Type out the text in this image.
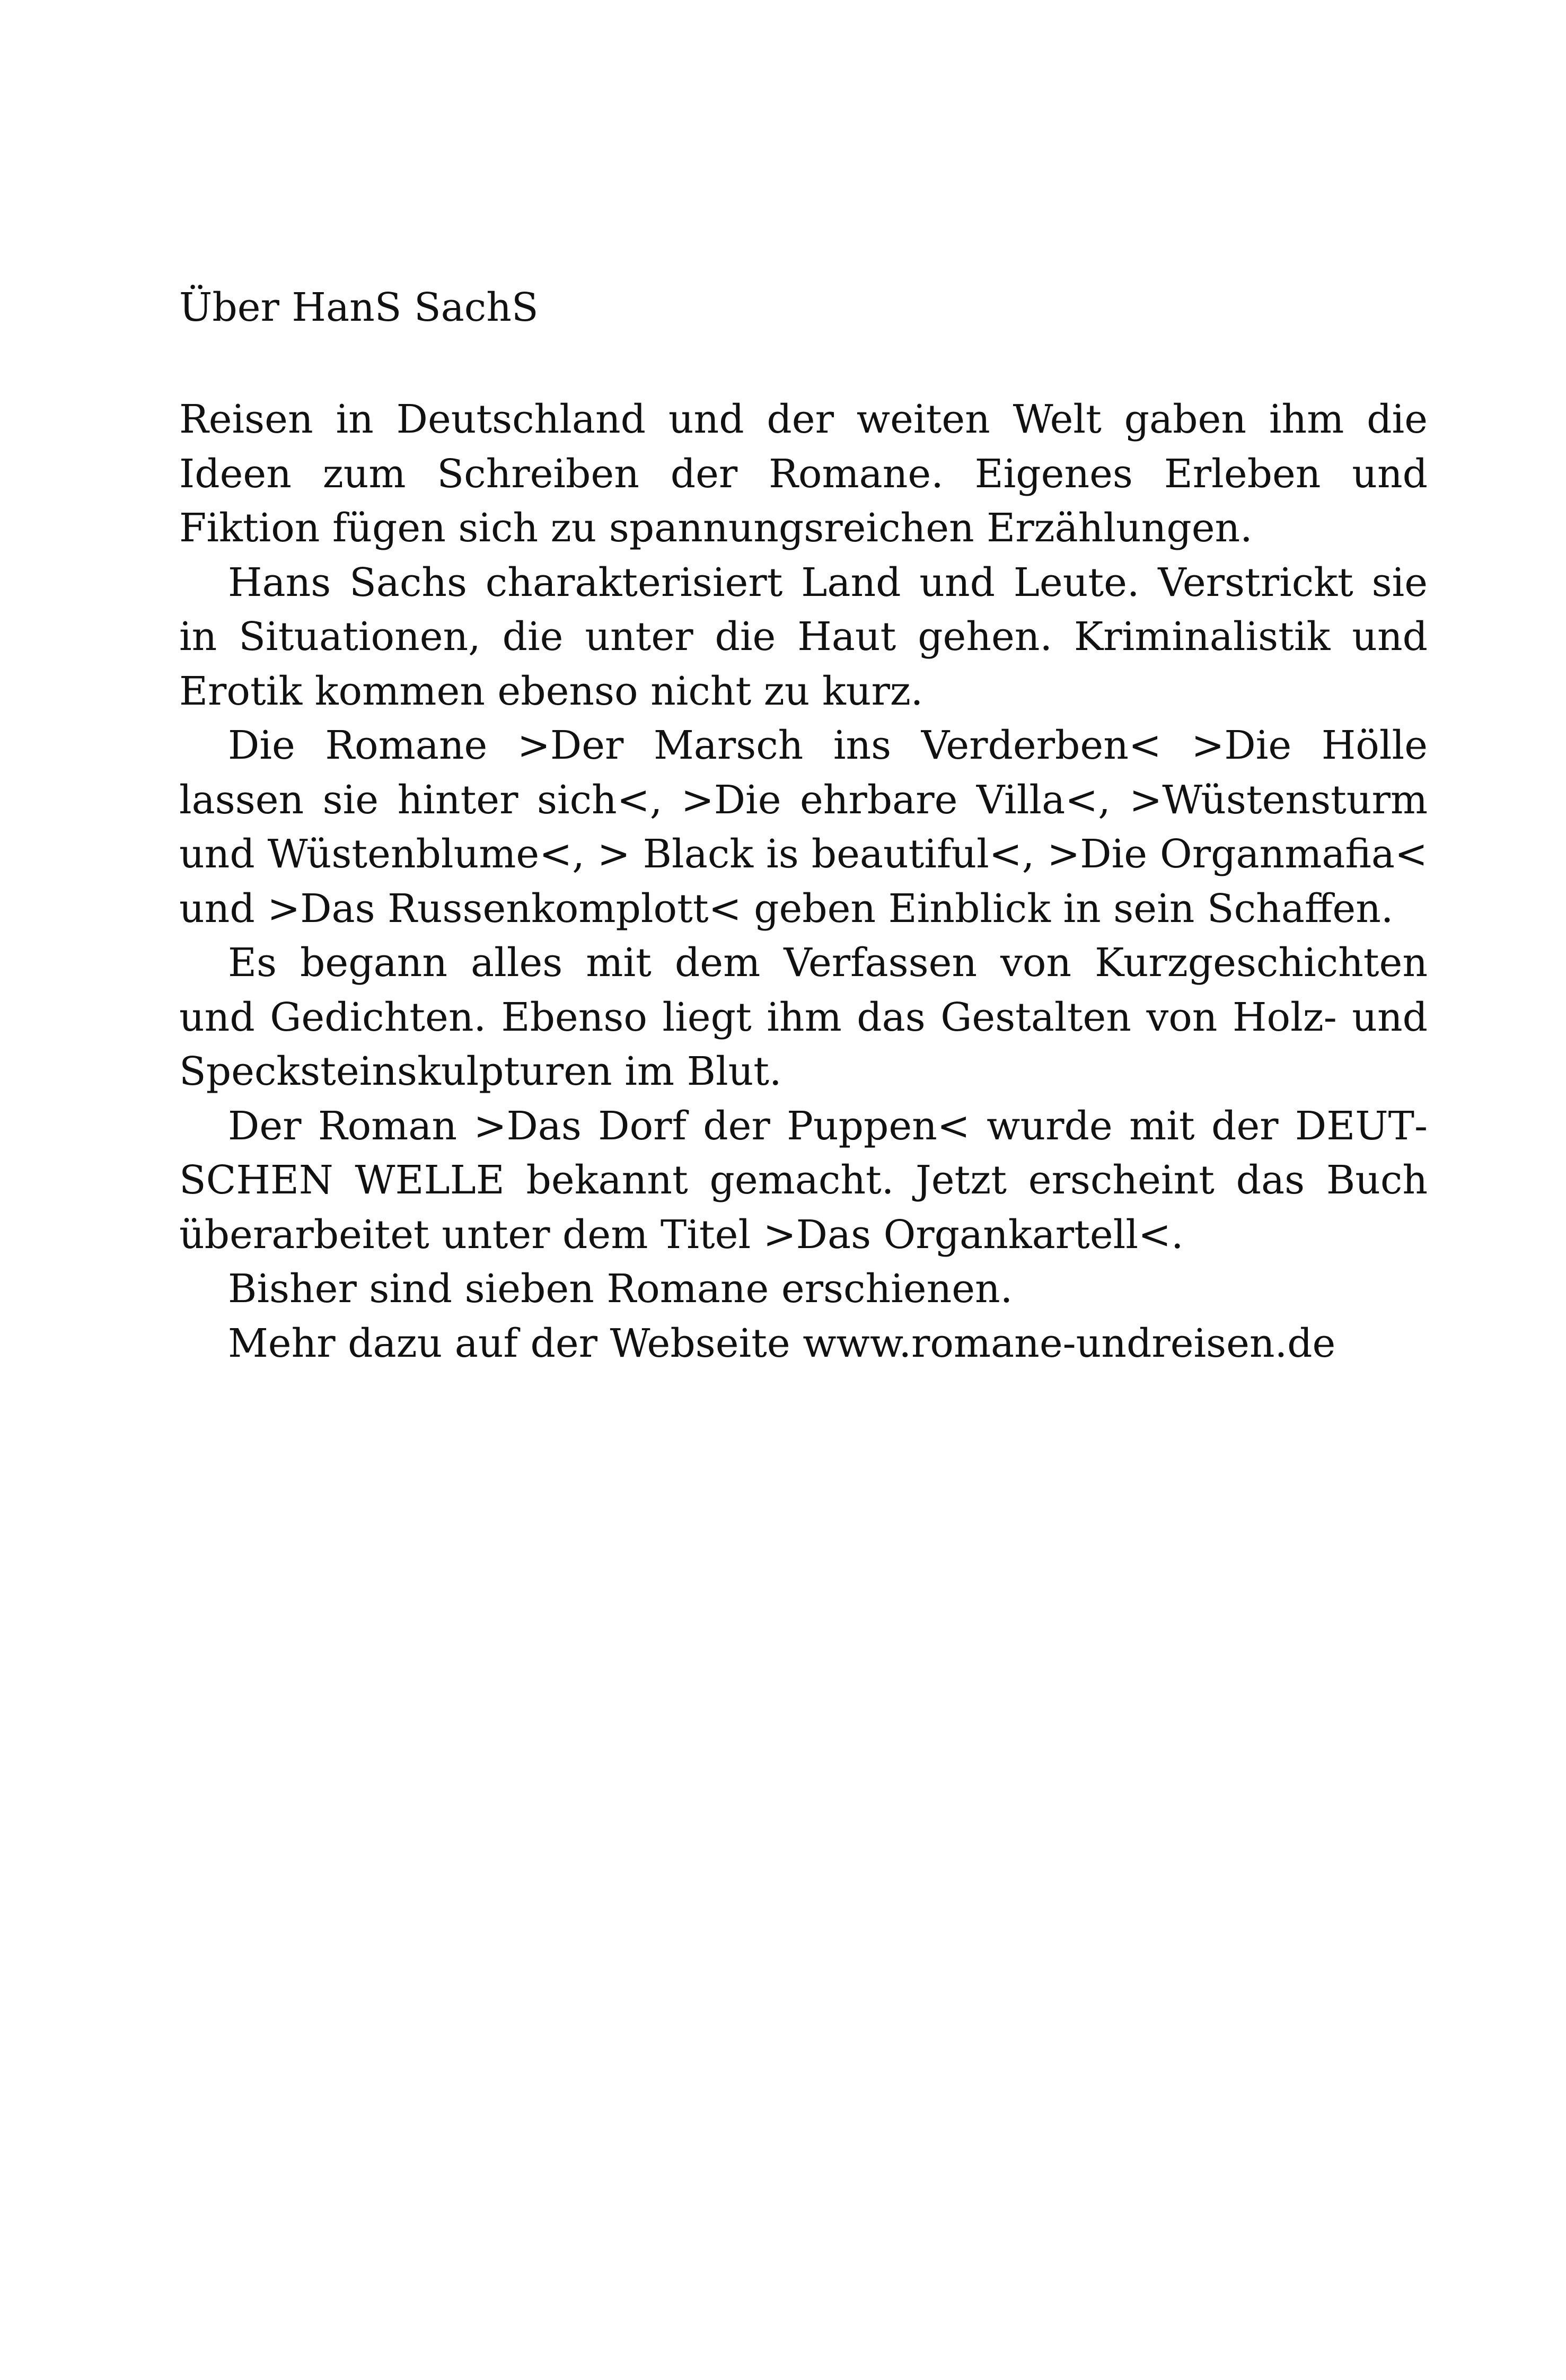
Über HanS SachS

Reisen in Deutschland und der weiten Welt gaben ihm die Ideen zum Schreiben der Romane. Eigenes Erleben und Fiktion fügen sich zu spannungsreichen Erzählungen.

Hans Sachs charakterisiert Land und Leute. Verstrickt sie in Situationen, die unter die Haut gehen. Kriminalistik und Erotik kommen ebenso nicht zu kurz.

Die Romane >Der Marsch ins Verderben< >Die Hölle lassen sie hinter sich<, >Die ehrbare Villa<, >Wüstensturm und Wüstenblume<, > Black is beautiful<, >Die Organmafia< und >Das Russenkomplott< geben Einblick in sein Schaffen.

Es begann alles mit dem Verfassen von Kurzgeschichten und Gedichten. Ebenso liegt ihm das Gestalten von Holz- und Specksteinskulpturen im Blut.

Der Roman >Das Dorf der Puppen< wurde mit der DEUTSCHEN WELLE bekannt gemacht. Jetzt erscheint das Buch überarbeitet unter dem Titel >Das Organkartell<.

Bisher sind sieben Romane erschienen.

Mehr dazu auf der Webseite www.romane-undreisen.de
